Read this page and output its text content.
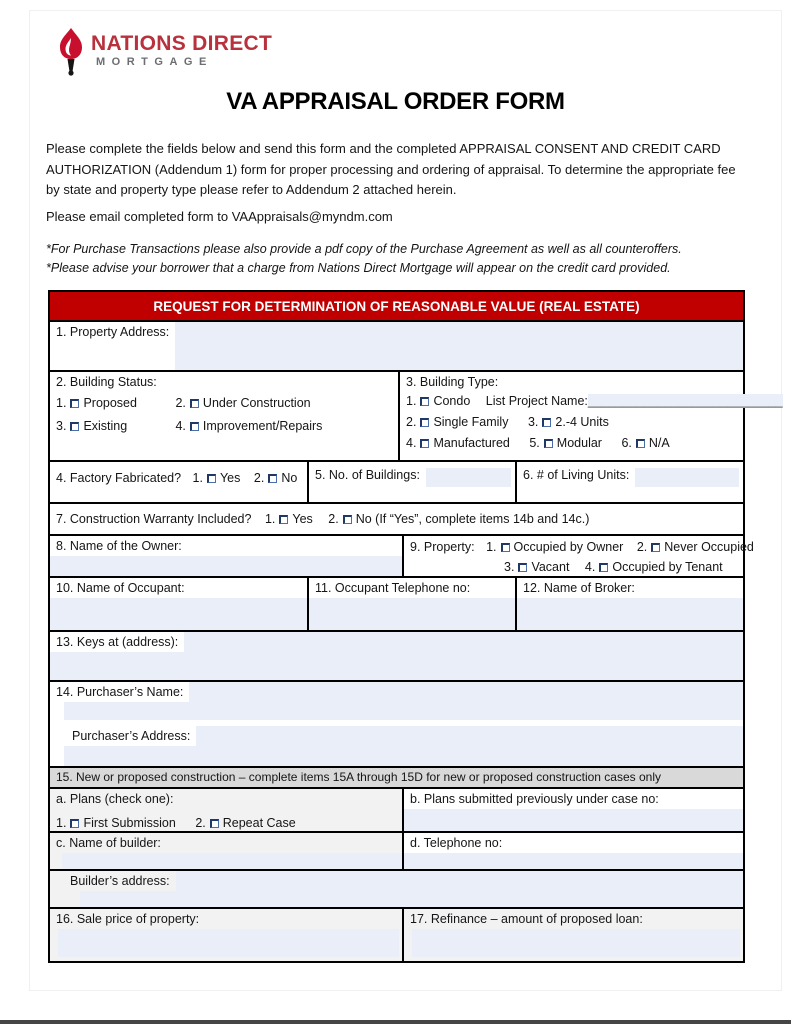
NATIONS DIRECT
MORTGAGE
VA APPRAISAL ORDER FORM
Please complete the fields below and send this form and the completed APPRAISAL CONSENT AND CREDIT CARD AUTHORIZATION (Addendum 1) form for proper processing and ordering of appraisal. To determine the appropriate fee by state and property type please refer to Addendum 2 attached herein.
Please email completed form to VAAppraisals@myndm.com
*For Purchase Transactions please also provide a pdf copy of the Purchase Agreement as well as all counteroffers.
*Please advise your borrower that a charge from Nations Direct Mortgage will appear on the credit card provided.
REQUEST FOR DETERMINATION OF REASONABLE VALUE (REAL ESTATE)
1. Property Address:
2. Building Status:
1. Proposed	2. Under Construction
3. Existing	4. Improvement/Repairs
3. Building Type:
1. Condo List Project Name:____________________________
2. Single Family 3. 2.-4 Units
4. Manufactured 5. Modular 6. N/A
4. Factory Fabricated? 1. Yes 2. No	5. No. of Buildings:	6. # of Living Units:
7. Construction Warranty Included? 1. Yes 2. No (If “Yes”, complete items 14b and 14c.)
8. Name of the Owner:	9. Property: 1. Occupied by Owner 2. Never Occupied
3. Vacant 4. Occupied by Tenant
10. Name of Occupant:	11. Occupant Telephone no:	12. Name of Broker:
13. Keys at (address):
14. Purchaser’s Name:
Purchaser’s Address:
15. New or proposed construction – complete items 15A through 15D for new or proposed construction cases only
a. Plans (check one):
1. First Submission 2. Repeat Case
b. Plans submitted previously under case no:
c. Name of builder:	d. Telephone no:
Builder’s address:
16. Sale price of property:	17. Refinance – amount of proposed loan:
